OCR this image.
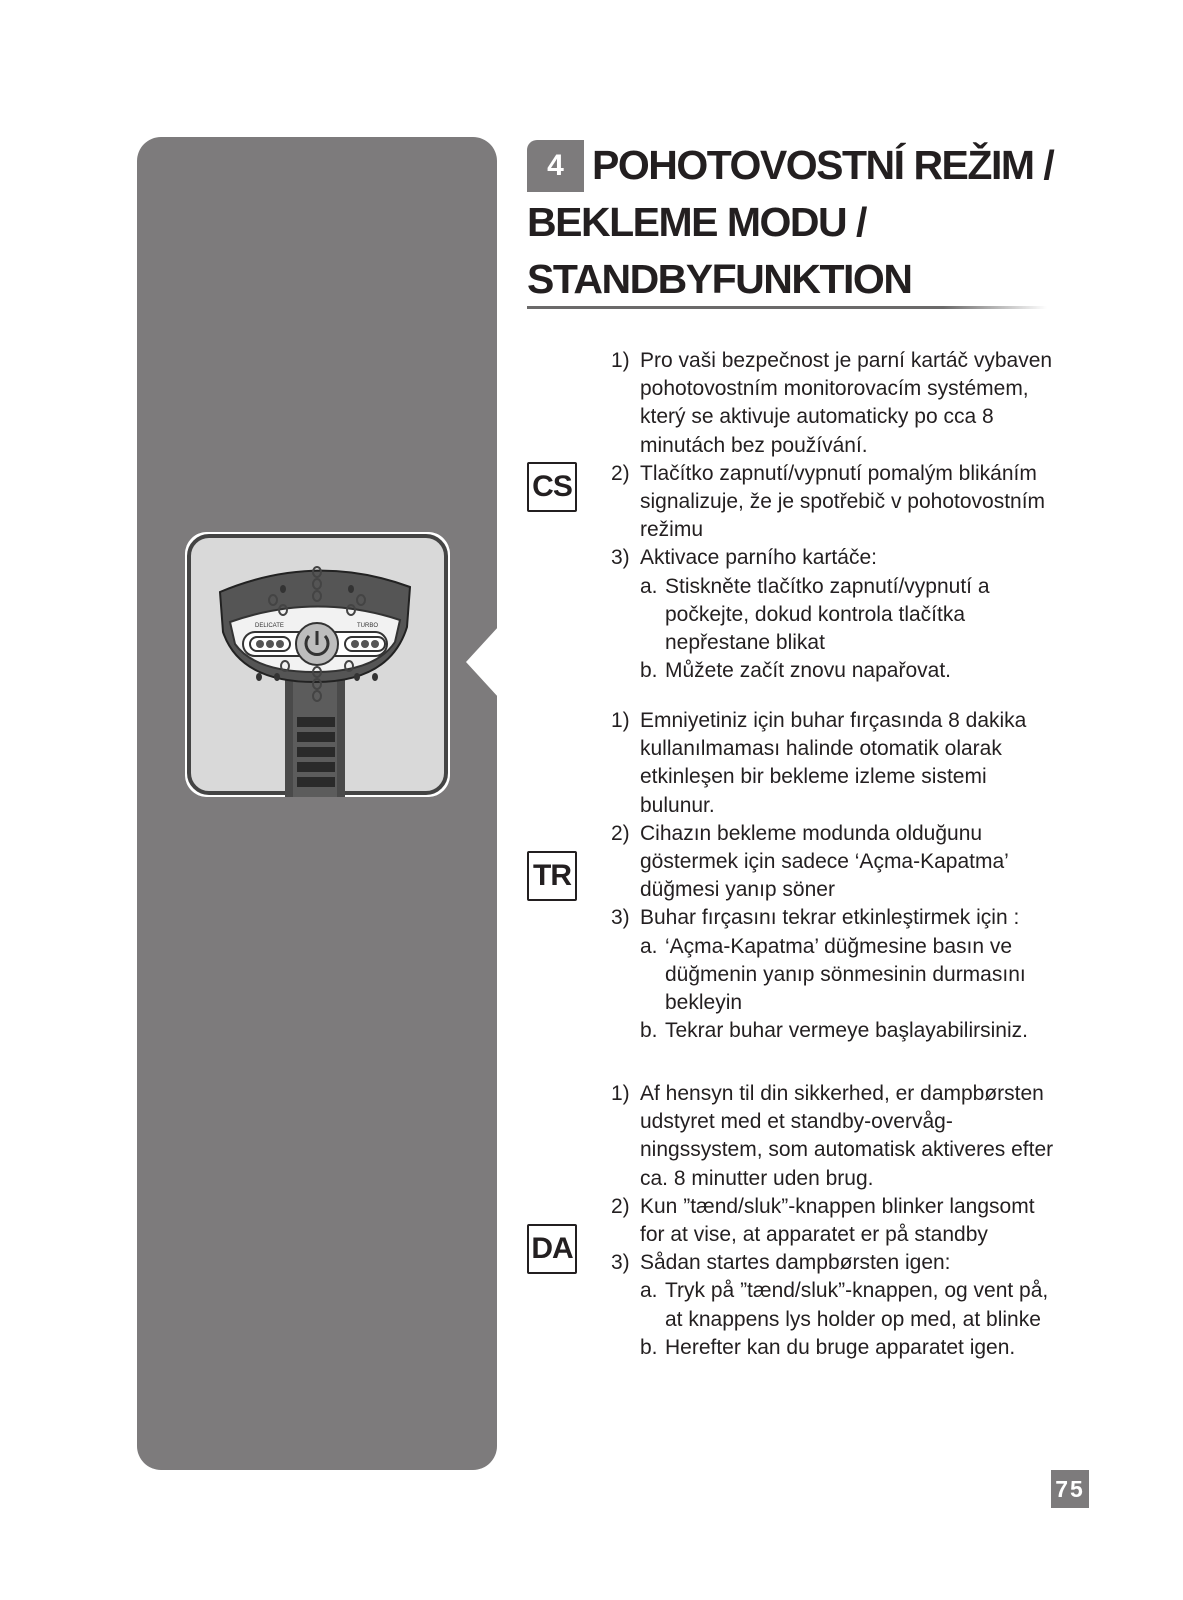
DELICATE	TURBO
4 POHOTOVOSTNÍ REŽIM /
BEKLEME MODU /
STANDBYFUNKTION
CS
TR
DA
1) Pro vaši bezpečnost je parní kartáč vybaven pohotovostním monitorovacím systémem, který se aktivuje automaticky po cca 8 minutách bez používání.
2) Tlačítko zapnutí/vypnutí pomalým blikáním signalizuje, že je spotřebič v pohotovostním režimu
3) Aktivace parního kartáče:
a. Stiskněte tlačítko zapnutí/vypnutí a počkejte, dokud kontrola tlačítka nepřestane blikat
b. Můžete začít znovu napařovat.
1) Emniyetiniz için buhar fırçasında 8 dakika kullanılmaması halinde otomatik olarak etkinleşen bir bekleme izleme sistemi bulunur.
2) Cihazın bekleme modunda olduğunu göstermek için sadece ‘Açma-Kapatma’ düğmesi yanıp söner
3) Buhar fırçasını tekrar etkinleştirmek için :
a. ‘Açma-Kapatma’ düğmesine basın ve düğmenin yanıp sönmesinin durmasını bekleyin
b. Tekrar buhar vermeye başlayabilirsiniz.
1) Af hensyn til din sikkerhed, er dampbørsten udstyret med et standby-overvågningssystem, som automatisk aktiveres efter ca. 8 minutter uden brug.
2) Kun ”tænd/sluk”-knappen blinker langsomt for at vise, at apparatet er på standby
3) Sådan startes dampbørsten igen:
a. Tryk på ”tænd/sluk”-knappen, og vent på, at knappens lys holder op med, at blinke
b. Herefter kan du bruge apparatet igen.
75
